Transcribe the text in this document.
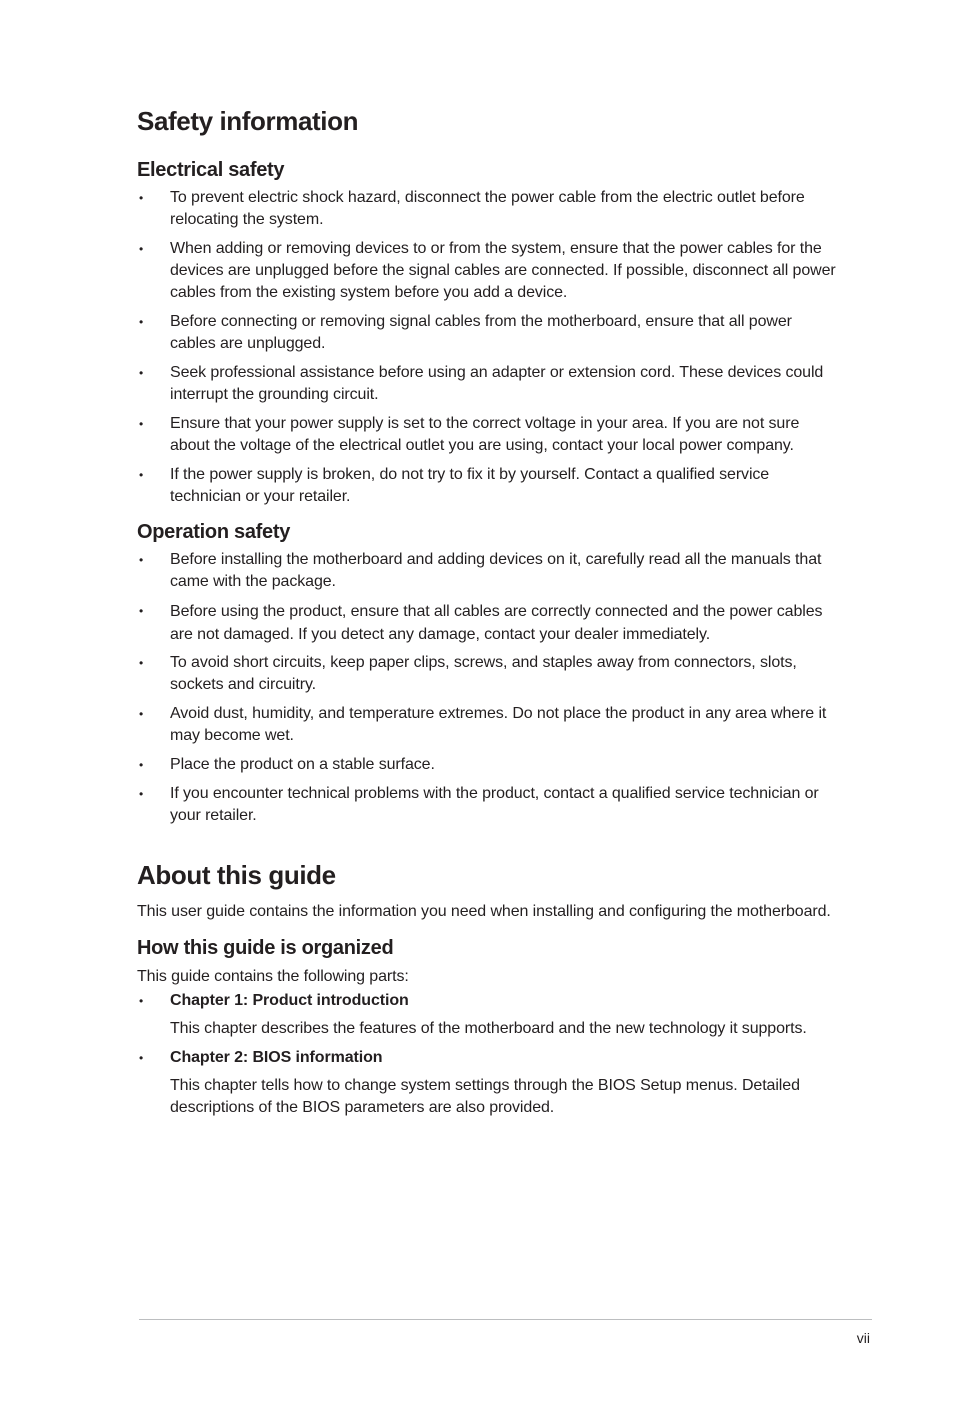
Safety information
Electrical safety
• To prevent electric shock hazard, disconnect the power cable from the electric outlet before relocating the system.
• When adding or removing devices to or from the system, ensure that the power cables for the devices are unplugged before the signal cables are connected. If possible, disconnect all power cables from the existing system before you add a device.
• Before connecting or removing signal cables from the motherboard, ensure that all power cables are unplugged.
• Seek professional assistance before using an adapter or extension cord. These devices could interrupt the grounding circuit.
• Ensure that your power supply is set to the correct voltage in your area. If you are not sure about the voltage of the electrical outlet you are using, contact your local power company.
• If the power supply is broken, do not try to fix it by yourself. Contact a qualified service technician or your retailer.
Operation safety
• Before installing the motherboard and adding devices on it, carefully read all the manuals that came with the package.
• Before using the product, ensure that all cables are correctly connected and the power cables are not damaged. If you detect any damage, contact your dealer immediately.
• To avoid short circuits, keep paper clips, screws, and staples away from connectors, slots, sockets and circuitry.
• Avoid dust, humidity, and temperature extremes. Do not place the product in any area where it may become wet.
• Place the product on a stable surface.
• If you encounter technical problems with the product, contact a qualified service technician or your retailer.
About this guide

This user guide contains the information you need when installing and configuring the motherboard.

How this guide is organized

This guide contains the following parts:

• Chapter 1: Product introduction
This chapter describes the features of the motherboard and the new technology it supports.
• Chapter 2: BIOS information
This chapter tells how to change system settings through the BIOS Setup menus. Detailed descriptions of the BIOS parameters are also provided.
vii
